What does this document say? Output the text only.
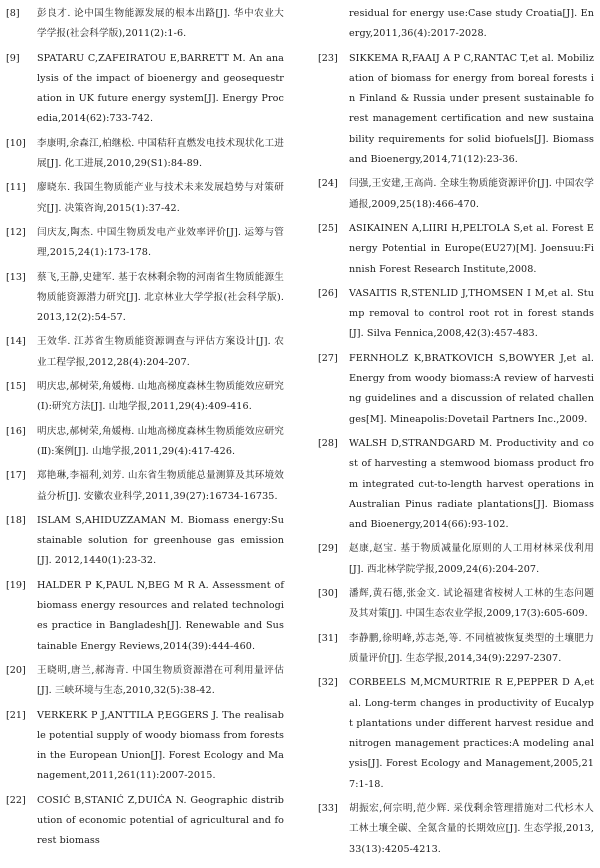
[8]	彭良才. 论中国生物能源发展的根本出路[J]. 华中农业大学学报(社会科学版),2011(2):1-6.
[9]	SPATARU C,ZAFEIRATOU E,BARRETT M. An analysis of the impact of bioenergy and geosequestration in UK future energy system[J]. Energy Procedia,2014(62):733-742.
[10]	李康明,余森江,柏继松. 中国秸秆直燃发电技术现状化工进展[J]. 化工进展,2010,29(S1):84-89.
[11]	廖晓东. 我国生物质能产业与技术未来发展趋势与对策研究[J]. 决策咨询,2015(1):37-42.
[12]	闫庆友,陶杰. 中国生物质发电产业效率评价[J]. 运筹与管理,2015,24(1):173-178.
[13]	蔡飞,王静,史建军. 基于农林剩余物的河南省生物质能源生物质能资源潜力研究[J]. 北京林业大学学报(社会科学版). 2013,12(2):54-57.
[14]	王效华. 江苏省生物质能资源调查与评估方案设计[J]. 农业工程学报,2012,28(4):204-207.
[15]	明庆忠,郝树荣,角媛梅. 山地高梯度森林生物质能效应研究(Ⅰ):研究方法[J]. 山地学报,2011,29(4):409-416.
[16]	明庆忠,郝树荣,角媛梅. 山地高梯度森林生物质能效应研究(Ⅱ):案例[J]. 山地学报,2011,29(4):417-426.
[17]	郑艳琳,李福利,刘芳. 山东省生物质能总量测算及其环境效益分析[J]. 安徽农业科学,2011,39(27):16734-16735.
[18]	ISLAM S,AHIDUZZAMAN M. Biomass energy:Sustainable solution for greenhouse gas emission[J]. 2012,1440(1):23-32.
[19]	HALDER P K,PAUL N,BEG M R A. Assessment of biomass energy resources and related technologies practice in Bangladesh[J]. Renewable and Sustainable Energy Reviews,2014(39):444-460.
[20]	王晓明,唐兰,郝海青. 中国生物质资源潜在可利用量评估[J]. 三峡环境与生态,2010,32(5):38-42.
[21]	VERKERK P J,ANTTILA P,EGGERS J. The realisable potential supply of woody biomass from forests in the European Union[J]. Forest Ecology and Management,2011,261(11):2007-2015.
[22]	COSIĆ B,STANIĆ Z,DUIĆA N. Geographic distribution of economic potential of agricultural and forest biomass
residual for energy use:Case study Croatia[J]. Energy,2011,36(4):2017-2028.
[23]	SIKKEMA R,FAAIJ A P C,RANTAC T,et al. Mobilization of biomass for energy from boreal forests in Finland & Russia under present sustainable forest management certification and new sustainability requirements for solid biofuels[J]. Biomass and Bioenergy,2014,71(12):23-36.
[24]	闫强,王安建,王高尚. 全球生物质能资源评价[J]. 中国农学通报,2009,25(18):466-470.
[25]	ASIKAINEN A,LIIRI H,PELTOLA S,et al. Forest Energy Potential in Europe(EU27)[M]. Joensuu:Finnish Forest Research Institute,2008.
[26]	VASAITIS R,STENLID J,THOMSEN I M,et al. Stump removal to control root rot in forest stands[J]. Silva Fennica,2008,42(3):457-483.
[27]	FERNHOLZ K,BRATKOVICH S,BOWYER J,et al. Energy from woody biomass:A review of harvesting guidelines and a discussion of related challenges[M]. Mineapolis:Dovetail Partners Inc.,2009.
[28]	WALSH D,STRANDGARD M. Productivity and cost of harvesting a stemwood biomass product from integrated cut-to-length harvest operations in Australian Pinus radiate plantations[J]. Biomass and Bioenergy,2014(66):93-102.
[29]	赵康,赵宝. 基于物质减量化原则的人工用材林采伐利用[J]. 西北林学院学报,2009,24(6):204-207.
[30]	潘辉,黄石德,张金文. 试论福建省桉树人工林的生态问题及其对策[J]. 中国生态农业学报,2009,17(3):605-609.
[31]	李静鹏,徐明峰,苏志尧,等. 不同植被恢复类型的土壤肥力质量评价[J]. 生态学报,2014,34(9):2297-2307.
[32]	CORBEELS M,MCMURTRIE R E,PEPPER D A,et al. Long-term changes in productivity of Eucalypt plantations under different harvest residue and nitrogen management practices:A modeling analysis[J]. Forest Ecology and Management,2005,217:1-18.
[33]	胡振宏,何宗明,范少辉. 采伐剩余管理措施对二代杉木人工林土壤全碳、全氮含量的长期效应[J]. 生态学报,2013,33(13):4205-4213.
